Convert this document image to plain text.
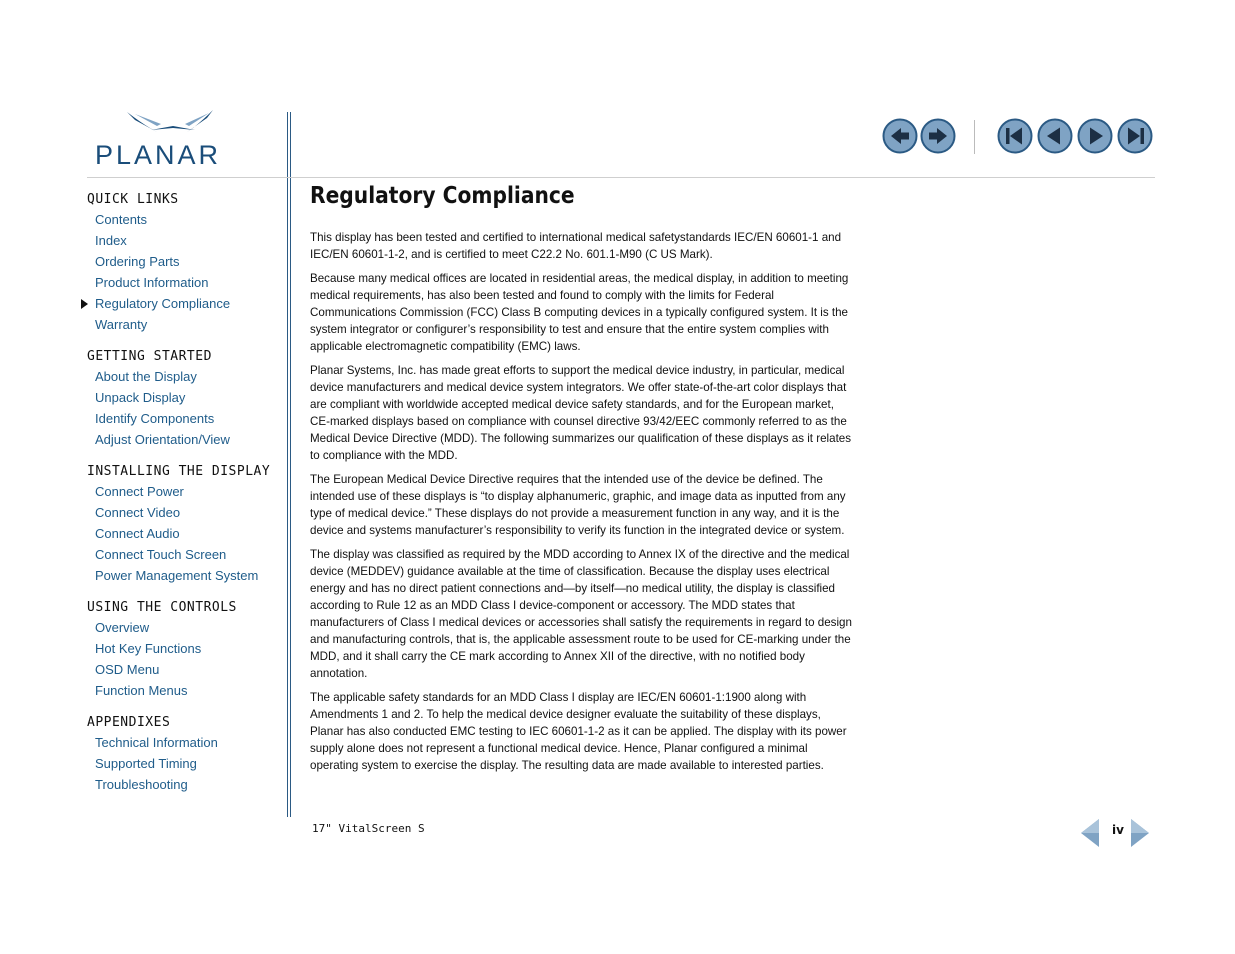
PLANAR
QUICK LINKS
Contents
Index
Ordering Parts
Product Information
Regulatory Compliance
Warranty
GETTING STARTED
About the Display
Unpack Display
Identify Components
Adjust Orientation/View
INSTALLING THE DISPLAY
Connect Power
Connect Video
Connect Audio
Connect Touch Screen
Power Management System
USING THE CONTROLS
Overview
Hot Key Functions
OSD Menu
Function Menus
APPENDIXES
Technical Information
Supported Timing
Troubleshooting
Regulatory Compliance

This display has been tested and certified to international medical safetystandards IEC/EN 60601-1 and IEC/EN 60601-1-2, and is certified to meet C22.2 No. 601.1-M90 (C US Mark).

Because many medical offices are located in residential areas, the medical display, in addition to meeting medical requirements, has also been tested and found to comply with the limits for Federal Communications Commission (FCC) Class B computing devices in a typically configured system. It is the system integrator or configurer’s responsibility to test and ensure that the entire system complies with applicable electromagnetic compatibility (EMC) laws.

Planar Systems, Inc. has made great efforts to support the medical device industry, in particular, medical device manufacturers and medical device system integrators. We offer state-of-the-art color displays that are compliant with worldwide accepted medical device safety standards, and for the European market, CE-marked displays based on compliance with counsel directive 93/42/EEC commonly referred to as the Medical Device Directive (MDD). The following summarizes our qualification of these displays as it relates to compliance with the MDD.

The European Medical Device Directive requires that the intended use of the device be defined. The intended use of these displays is “to display alphanumeric, graphic, and image data as inputted from any type of medical device.” These displays do not provide a measurement function in any way, and it is the device and systems manufacturer’s responsibility to verify its function in the integrated device or system.

The display was classified as required by the MDD according to Annex IX of the directive and the medical device (MEDDEV) guidance available at the time of classification. Because the display uses electrical energy and has no direct patient connections and—by itself—no medical utility, the display is classified according to Rule 12 as an MDD Class I device-component or accessory. The MDD states that manufacturers of Class I medical devices or accessories shall satisfy the requirements in regard to design and manufacturing controls, that is, the applicable assessment route to be used for CE-marking under the MDD, and it shall carry the CE mark according to Annex XII of the directive, with no notified body annotation.

The applicable safety standards for an MDD Class I display are IEC/EN 60601-1:1900 along with Amendments 1 and 2. To help the medical device designer evaluate the suitability of these displays, Planar has also conducted EMC testing to IEC 60601-1-2 as it can be applied. The display with its power supply alone does not represent a functional medical device. Hence, Planar configured a minimal operating system to exercise the display. The resulting data are made available to interested parties.

17" VitalScreen S	iv
